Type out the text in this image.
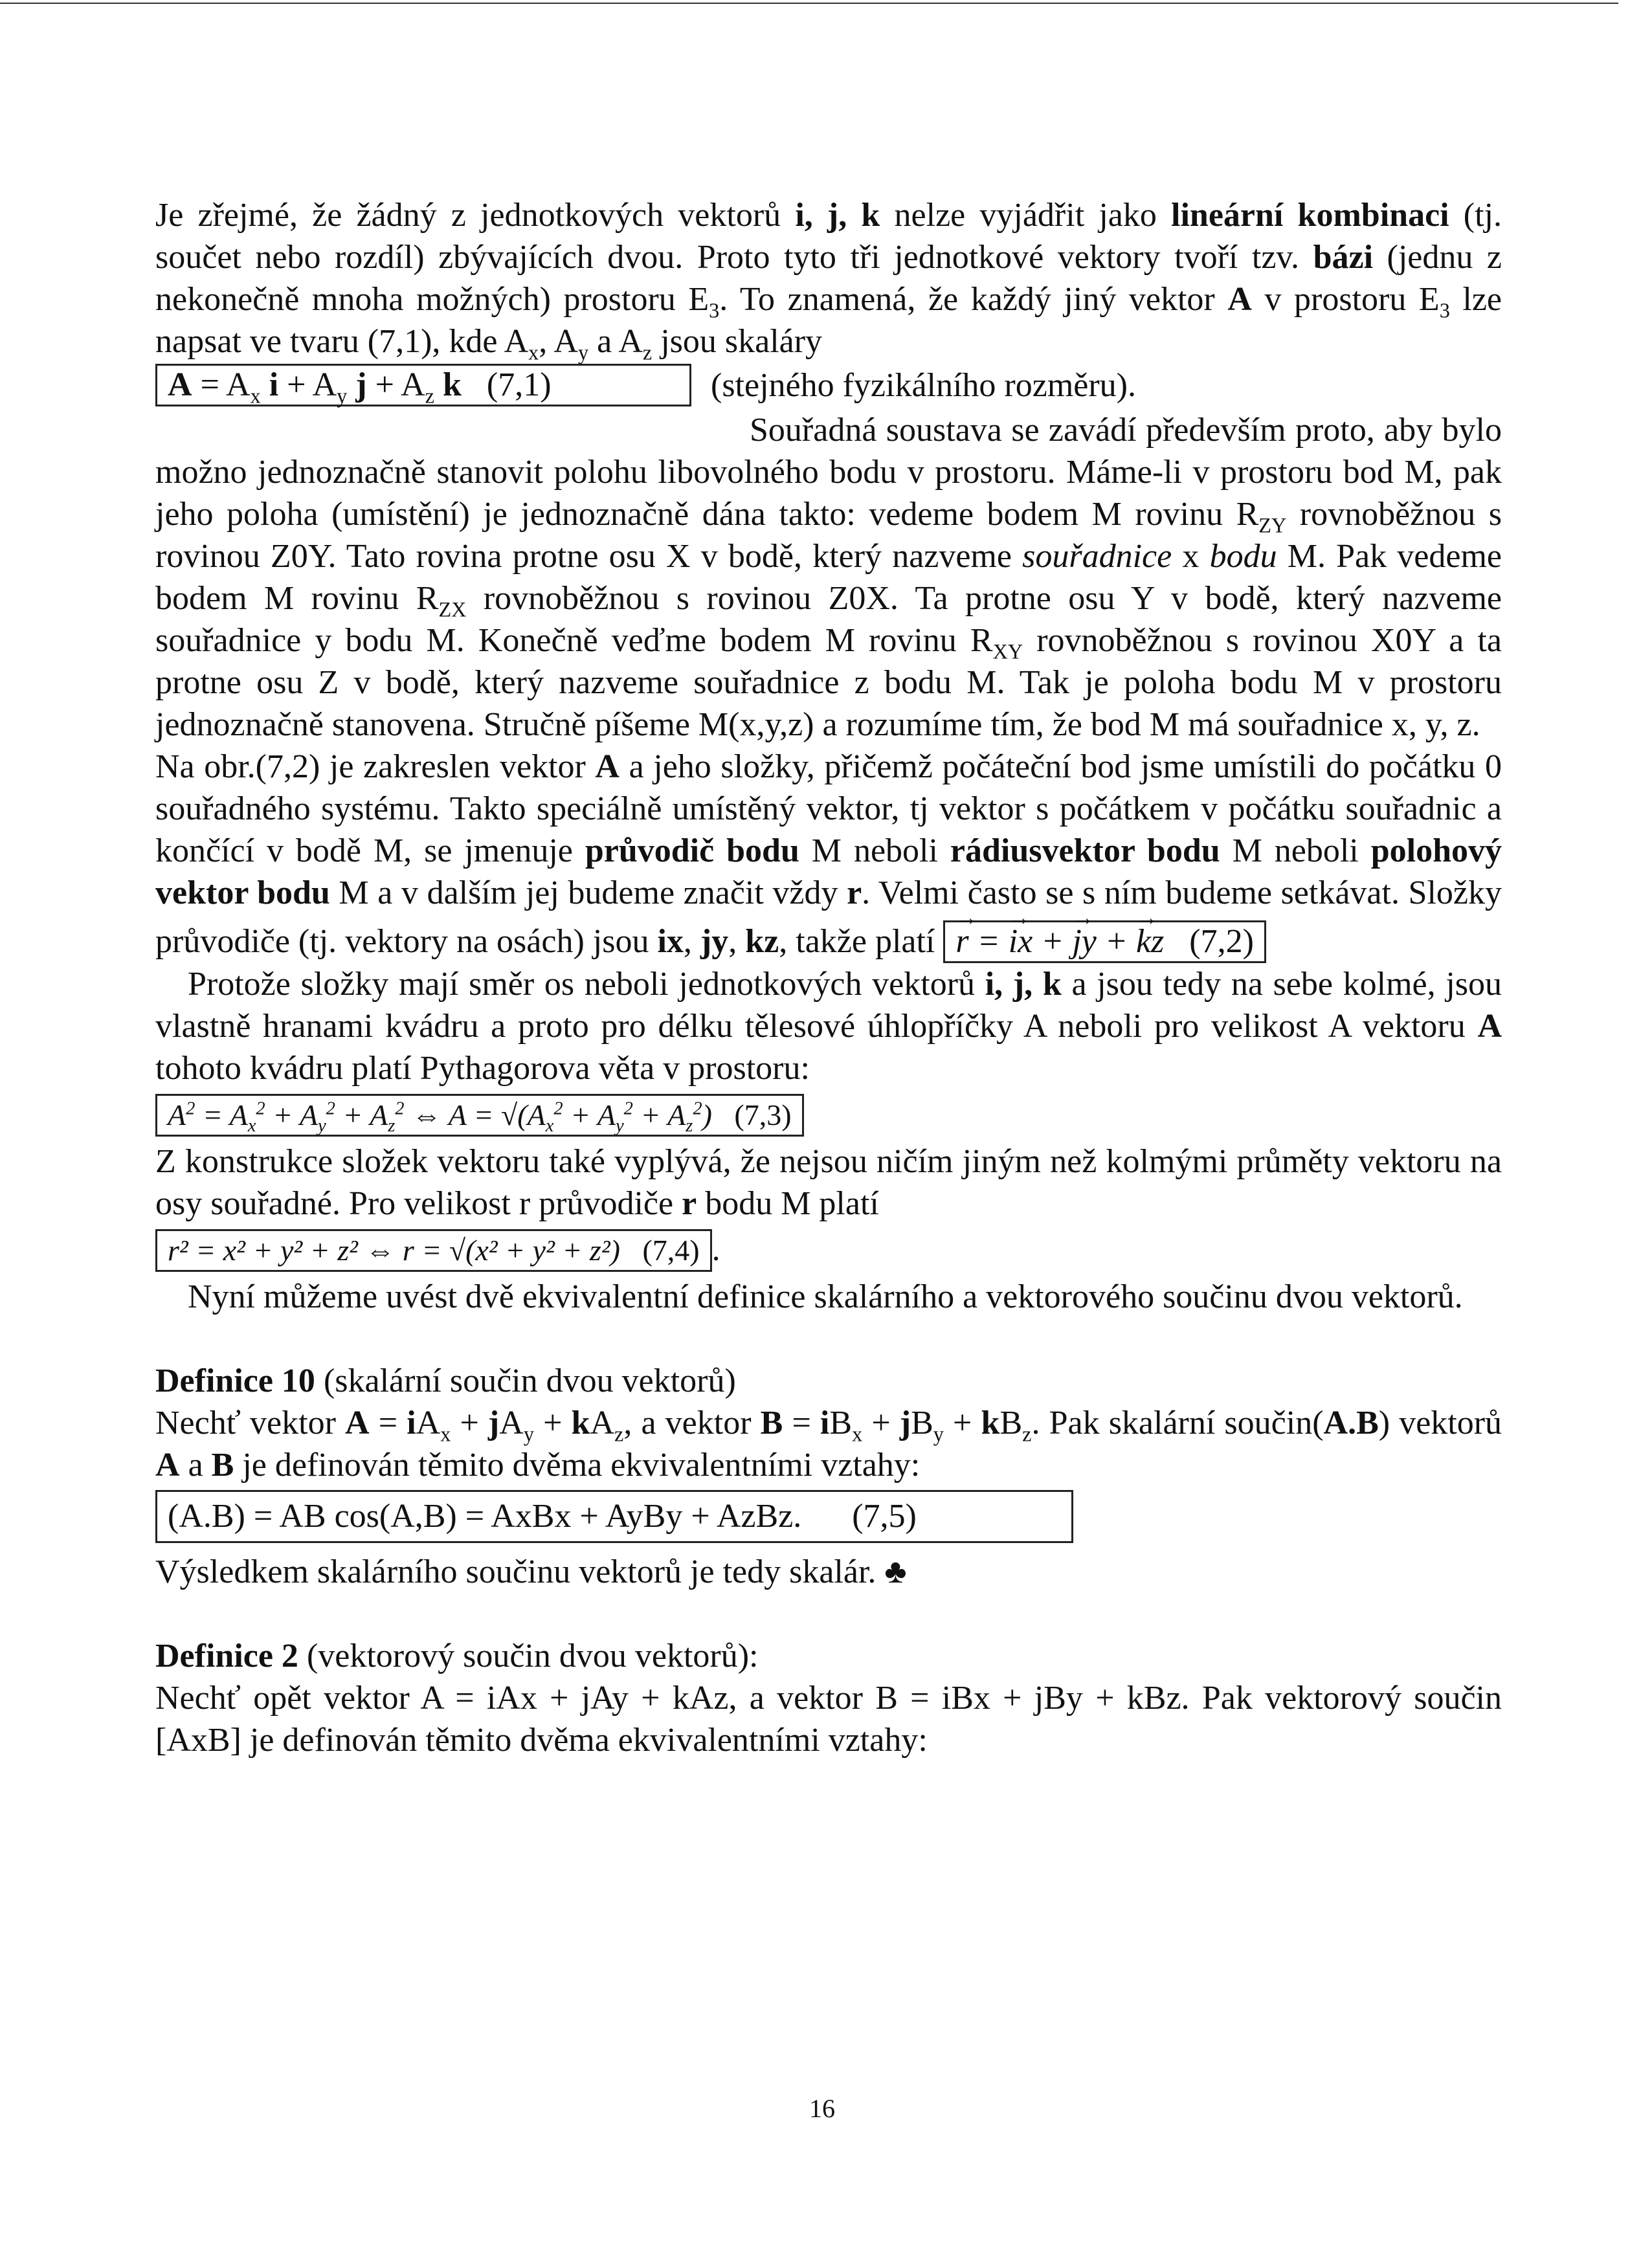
Je zřejmé, že žádný z jednotkových vektorů i, j, k nelze vyjádřit jako lineární kombinaci (tj. součet nebo rozdíl) zbývajících dvou. Proto tyto tři jednotkové vektory tvoří tzv. bázi (jednu z nekonečně mnoha možných) prostoru $E_3$. To znamená, že každý jiný vektor A v prostoru $E_3$ lze napsat ve tvaru (7,1), kde $A_x$, $A_y$ a $A_z$ jsou skaláry

$A = A_x$ $i + A_y$ $j + A_z$ k (7,1)	(stejného fyzikálního rozměru).

Souřadná soustava se zavádí především proto, aby bylo možno jednoznačně stanovit polohu libovolného bodu v prostoru. Máme-li v prostoru bod M, pak jeho poloha (umístění) je jednoznačně dána takto: vedeme bodem M rovinu $R_{ZY}$ rovnoběžnou s rovinou Z0Y. Tato rovina protne osu X v bodě, který nazveme souřadnice x bodu M. Pak vedeme bodem M rovinu $R_{ZX}$ rovnoběžnou s rovinou Z0X. Ta protne osu Y v bodě, který nazveme souřadnice y bodu M. Konečně veďme bodem M rovinu $R_{XY}$ rovnoběžnou s rovinou X0Y a ta protne osu Z v bodě, který nazveme souřadnice z bodu M. Tak je poloha bodu M v prostoru jednoznačně stanovena. Stručně píšeme M(x,y,z) a rozumíme tím, že bod M má souřadnice x, y, z.

Na obr.(7,2) je zakreslen vektor A a jeho složky, přičemž počáteční bod jsme umístili do počátku 0 souřadného systému. Takto speciálně umístěný vektor, tj vektor s počátkem v počátku souřadnic a končící v bodě M, se jmenuje průvodič bodu M neboli rádiusvektor bodu M neboli polohový vektor bodu M a v dalším jej budeme značit vždy r. Velmi často se s ním budeme setkávat. Složky průvodiče (tj. vektory na osách) jsou ix, jy, kz, takže platí → r = → ix + → jy + → kz (7,2)

Protože složky mají směr os neboli jednotkových vektorů i, j, k a jsou tedy na sebe kolmé, jsou vlastně hranami kvádru a proto pro délku tělesové úhlopříčky A neboli pro velikost A vektoru A tohoto kvádru platí Pythagorova věta v prostoru:

$A^2 = A_x^2 + A_y^2 + A_z^2$ ⇔ $A = √(A_x^2 + A_y^2 + A_z^2)$ (7,3)

Z konstrukce složek vektoru také vyplývá, že nejsou ničím jiným než kolmými průměty vektoru na osy souřadné. Pro velikost r průvodiče r bodu M platí

r² = x² + y² + z² ⇔ r = √(x² + y² + z²) (7,4) .

Nyní můžeme uvést dvě ekvivalentní definice skalárního a vektorového součinu dvou vektorů.

Definice 10 (skalární součin dvou vektorů)
Nechť vektor $A = iA_x + jA_y + kA_z$, a vektor $B = iB_x + jB_y + kB_z$. Pak skalární součin(A.B) vektorů A a B je definován těmito dvěma ekvivalentními vztahy:

(A.B) = AB cos(A,B) = AxBx + AyBy + AzBz. (7,5)

Výsledkem skalárního součinu vektorů je tedy skalár. ♣

Definice 2 (vektorový součin dvou vektorů):
Nechť opět vektor A = iAx + jAy + kAz, a vektor B = iBx + jBy + kBz. Pak vektorový součin [AxB] je definován těmito dvěma ekvivalentními vztahy:

16
